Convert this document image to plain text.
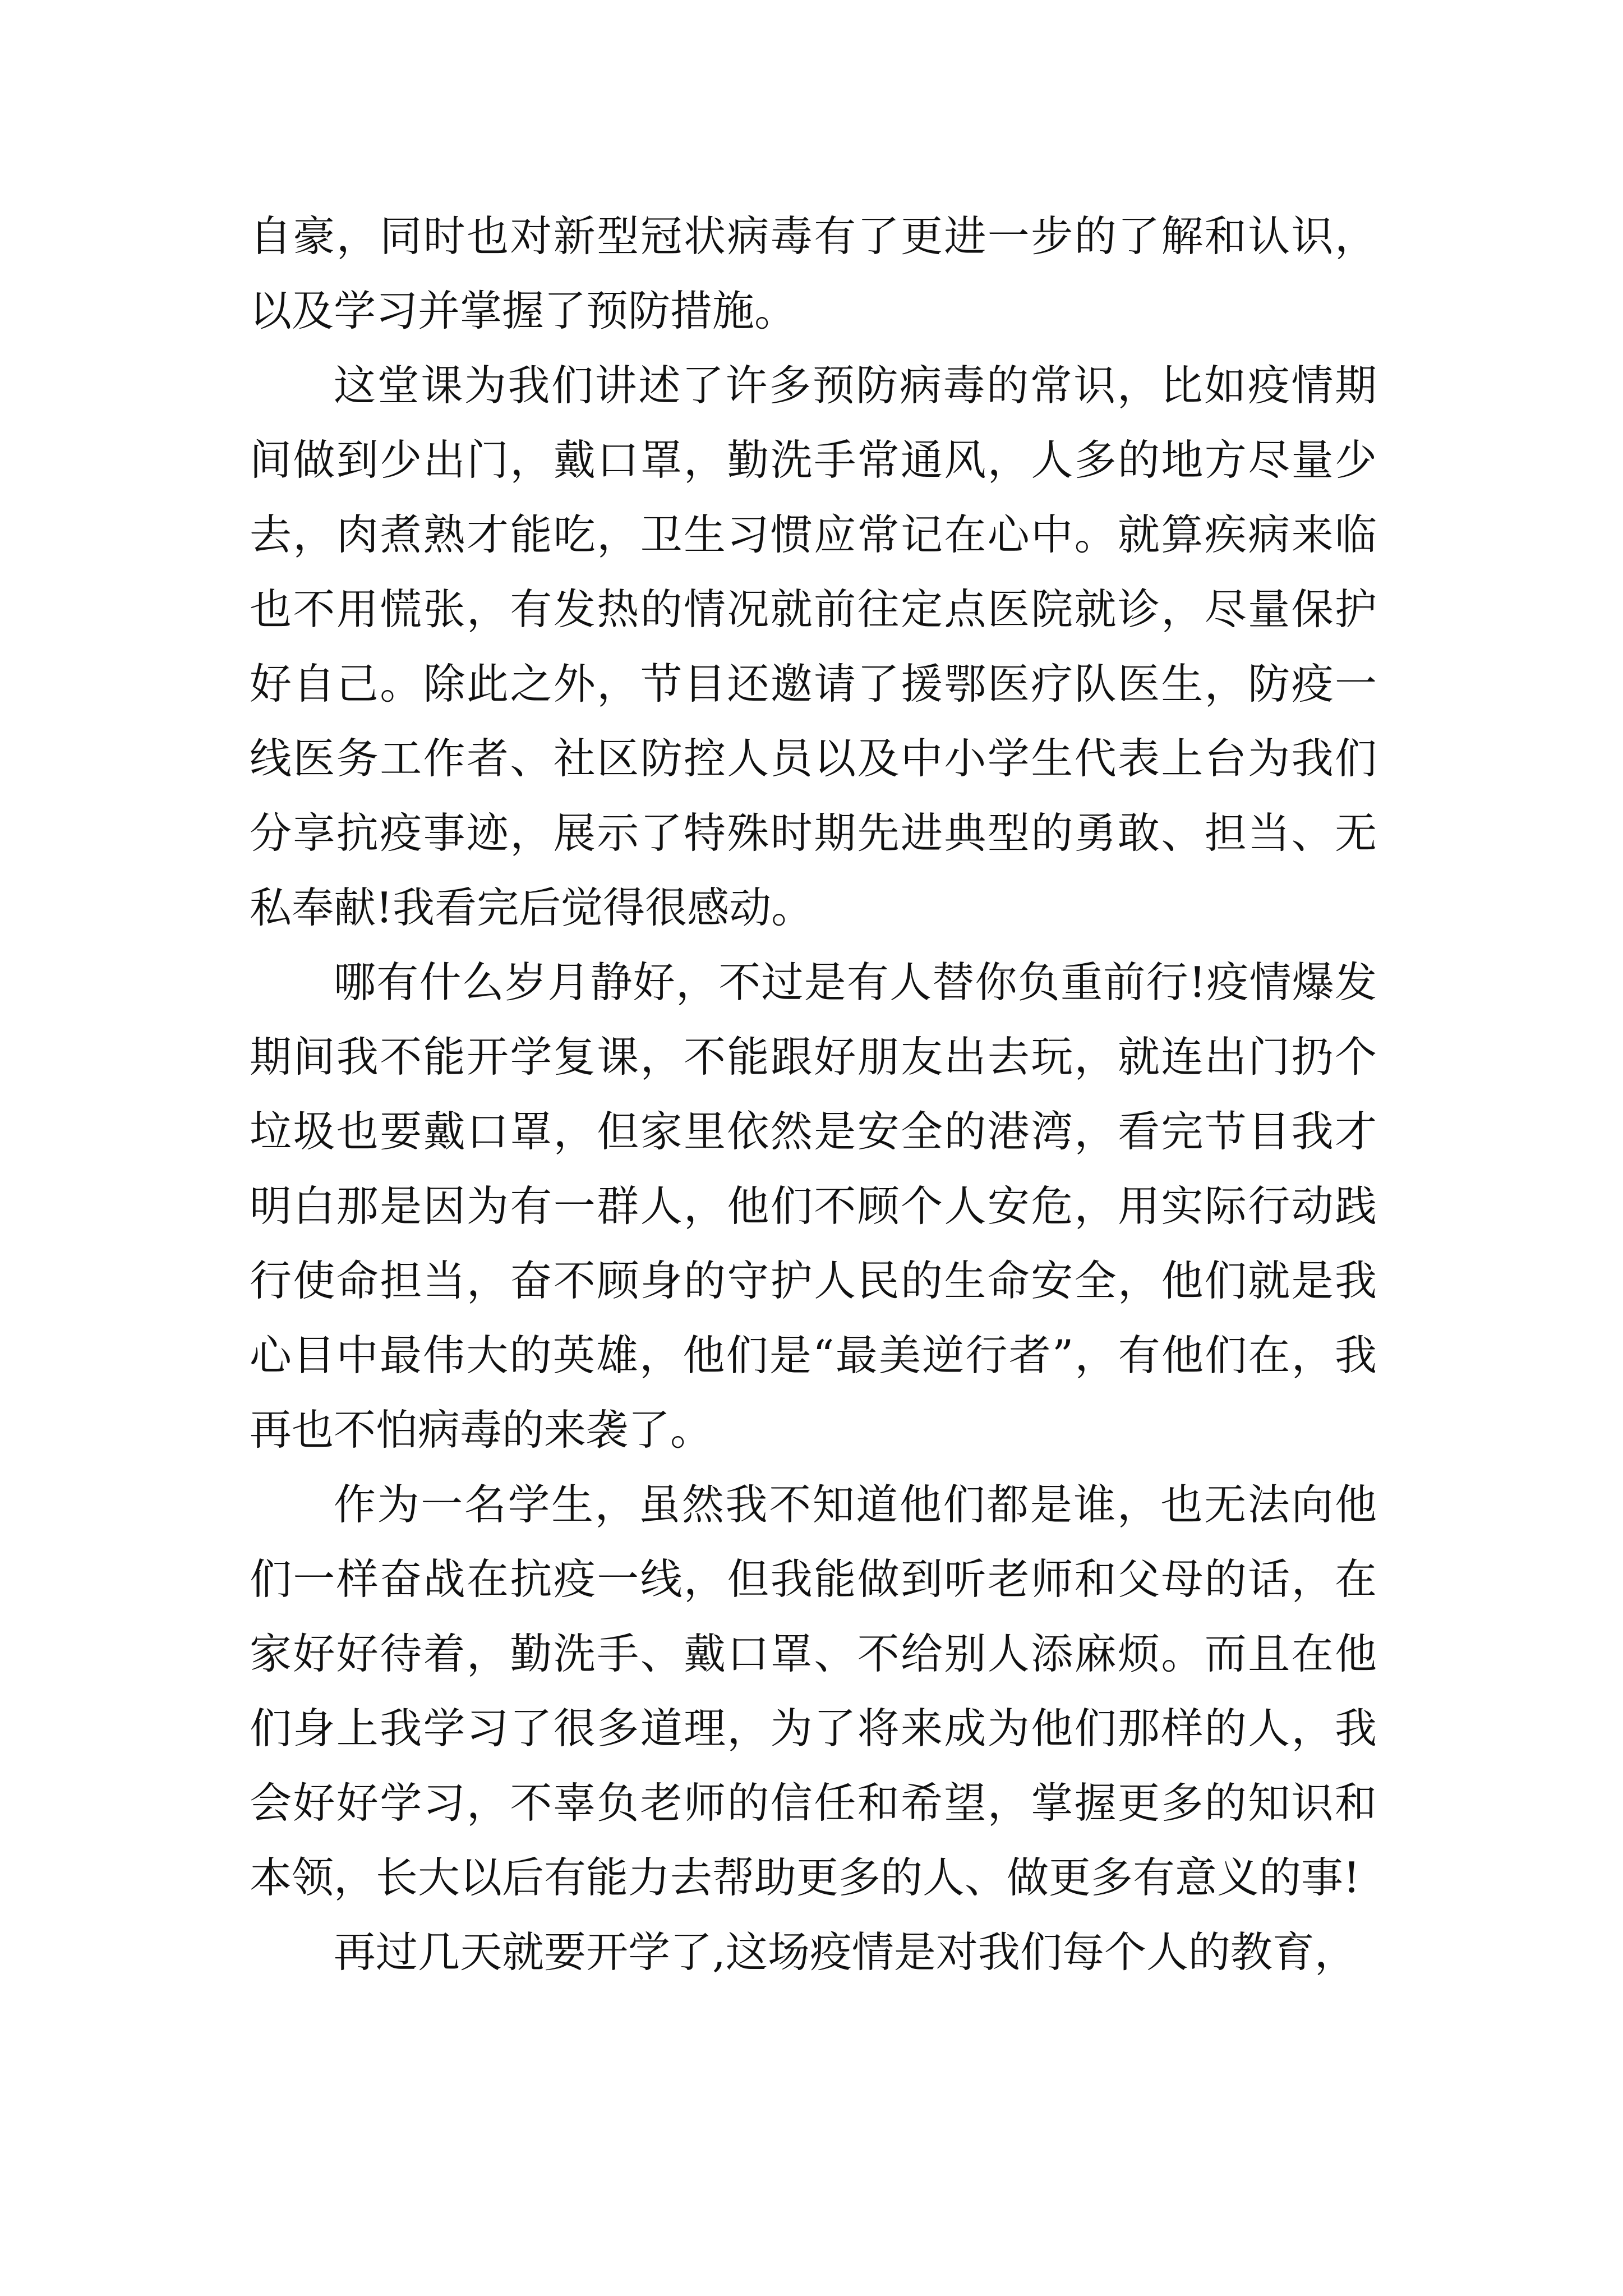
自豪，同时也对新型冠状病毒有了更进一步的了解和认识，以及学习并掌握了预防措施。

这堂课为我们讲述了许多预防病毒的常识，比如疫情期间做到少出门，戴口罩，勤洗手常通风，人多的地方尽量少去，肉煮熟才能吃，卫生习惯应常记在心中。就算疾病来临也不用慌张，有发热的情况就前往定点医院就诊，尽量保护好自己。除此之外，节目还邀请了援鄂医疗队医生，防疫一线医务工作者、社区防控人员以及中小学生代表上台为我们分享抗疫事迹，展示了特殊时期先进典型的勇敢、担当、无私奉献!我看完后觉得很感动。

哪有什么岁月静好，不过是有人替你负重前行!疫情爆发期间我不能开学复课，不能跟好朋友出去玩，就连出门扔个垃圾也要戴口罩，但家里依然是安全的港湾，看完节目我才明白那是因为有一群人，他们不顾个人安危，用实际行动践行使命担当，奋不顾身的守护人民的生命安全，他们就是我心目中最伟大的英雄，他们是“最美逆行者”，有他们在，我再也不怕病毒的来袭了。

作为一名学生，虽然我不知道他们都是谁，也无法向他们一样奋战在抗疫一线，但我能做到听老师和父母的话，在家好好待着，勤洗手、戴口罩、不给别人添麻烦。而且在他们身上我学习了很多道理，为了将来成为他们那样的人，我会好好学习，不辜负老师的信任和希望，掌握更多的知识和本领，长大以后有能力去帮助更多的人、做更多有意义的事!

再过几天就要开学了,这场疫情是对我们每个人的教育，
